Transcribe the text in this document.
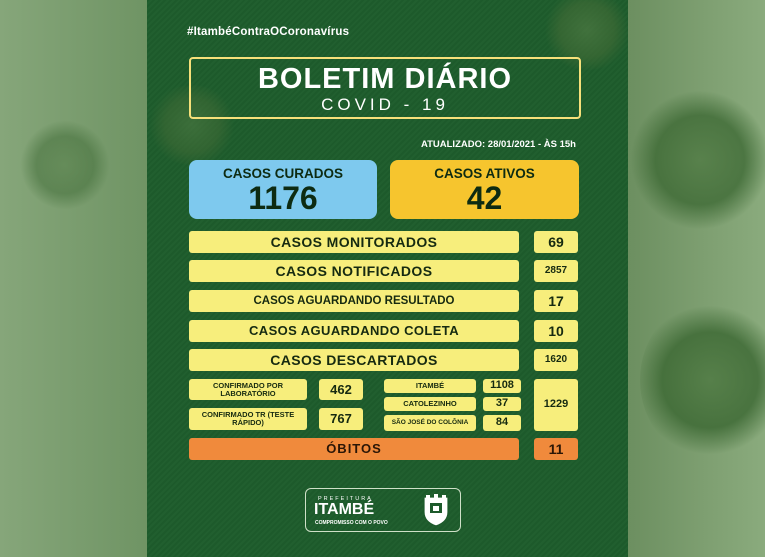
#ItambéContraOCoronavírus
BOLETIM DIÁRIO
COVID - 19
ATUALIZADO: 28/01/2021 - ÀS 15h
CASOS CURADOS
1176
CASOS ATIVOS
42
CASOS MONITORADOS	69
CASOS NOTIFICADOS	2857
CASOS AGUARDANDO RESULTADO	17
CASOS AGUARDANDO COLETA	10
CASOS DESCARTADOS	1620
CONFIRMADO POR LABORATÓRIO	462
CONFIRMADO TR (TESTE RÁPIDO)	767
ITAMBÉ	1108
CATOLEZINHO	37
SÃO JOSÉ DO COLÔNIA	84
1229
ÓBITOS	11
PREFEITURA
ITAMBÉ
COMPROMISSO COM O POVO
